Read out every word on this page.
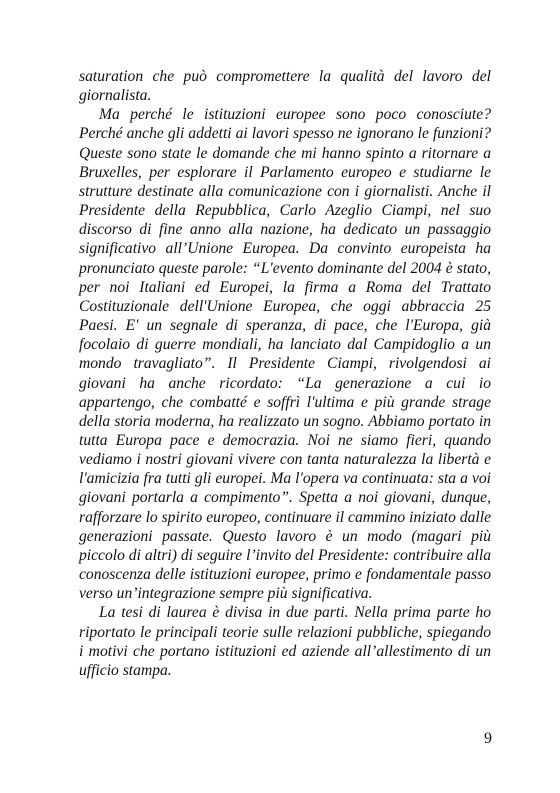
saturation che può compromettere la qualità del lavoro del giornalista.

Ma perché le istituzioni europee sono poco conosciute? Perché anche gli addetti ai lavori spesso ne ignorano le funzioni? Queste sono state le domande che mi hanno spinto a ritornare a Bruxelles, per esplorare il Parlamento europeo e studiarne le strutture destinate alla comunicazione con i giornalisti. Anche il Presidente della Repubblica, Carlo Azeglio Ciampi, nel suo discorso di fine anno alla nazione, ha dedicato un passaggio significativo all’Unione Europea. Da convinto europeista ha pronunciato queste parole: “L'evento dominante del 2004 è stato, per noi Italiani ed Europei, la firma a Roma del Trattato Costituzionale dell'Unione Europea, che oggi abbraccia 25 Paesi. E' un segnale di speranza, di pace, che l'Europa, già focolaio di guerre mondiali, ha lanciato dal Campidoglio a un mondo travagliato”. Il Presidente Ciampi, rivolgendosi ai giovani ha anche ricordato: “La generazione a cui io appartengo, che combatté e soffrì l'ultima e più grande strage della storia moderna, ha realizzato un sogno. Abbiamo portato in tutta Europa pace e democrazia. Noi ne siamo fieri, quando vediamo i nostri giovani vivere con tanta naturalezza la libertà e l'amicizia fra tutti gli europei. Ma l'opera va continuata: sta a voi giovani portarla a compimento”. Spetta a noi giovani, dunque, rafforzare lo spirito europeo, continuare il cammino iniziato dalle generazioni passate. Questo lavoro è un modo (magari più piccolo di altri) di seguire l’invito del Presidente: contribuire alla conoscenza delle istituzioni europee, primo e fondamentale passo verso un’integrazione sempre più significativa.

La tesi di laurea è divisa in due parti. Nella prima parte ho riportato le principali teorie sulle relazioni pubbliche, spiegando i motivi che portano istituzioni ed aziende all’allestimento di un ufficio stampa.

9
